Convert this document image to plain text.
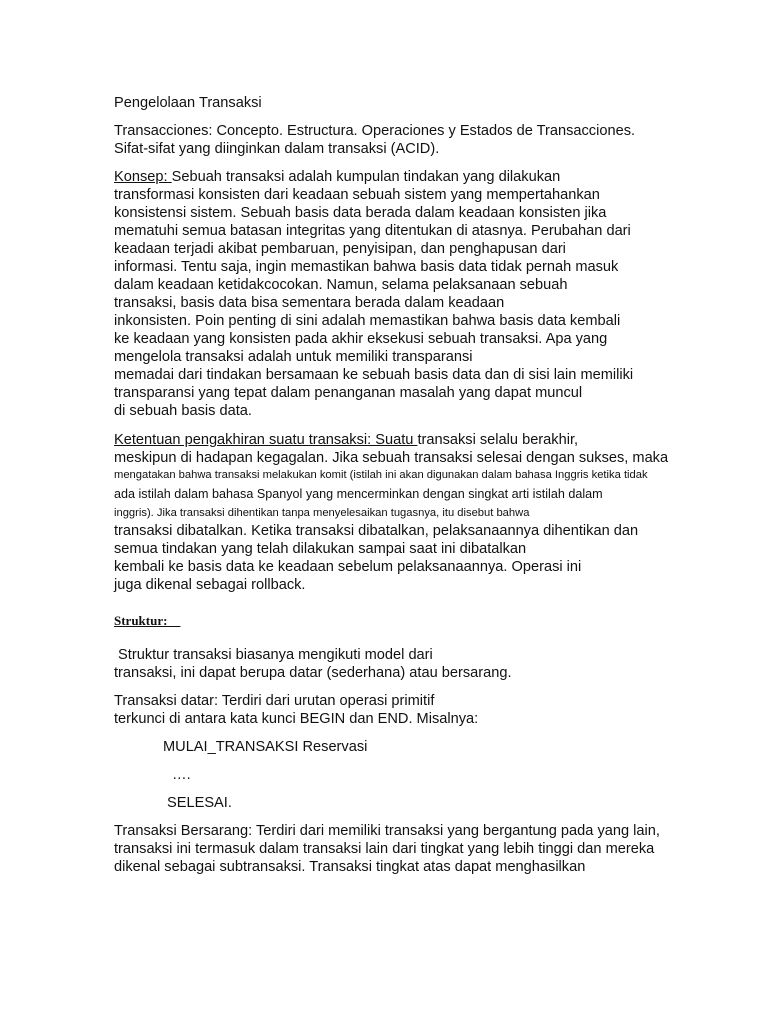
Pengelolaan Transaksi

Transacciones: Concepto. Estructura. Operaciones y Estados de Transacciones.

Sifat-sifat yang diinginkan dalam transaksi (ACID).

Konsep: Sebuah transaksi adalah kumpulan tindakan yang dilakukan

transformasi konsisten dari keadaan sebuah sistem yang mempertahankan

konsistensi sistem. Sebuah basis data berada dalam keadaan konsisten jika

mematuhi semua batasan integritas yang ditentukan di atasnya. Perubahan dari

keadaan terjadi akibat pembaruan, penyisipan, dan penghapusan dari

informasi. Tentu saja, ingin memastikan bahwa basis data tidak pernah masuk

dalam keadaan ketidakcocokan. Namun, selama pelaksanaan sebuah

transaksi, basis data bisa sementara berada dalam keadaan

inkonsisten. Poin penting di sini adalah memastikan bahwa basis data kembali

ke keadaan yang konsisten pada akhir eksekusi sebuah transaksi. Apa yang

mengelola transaksi adalah untuk memiliki transparansi

memadai dari tindakan bersamaan ke sebuah basis data dan di sisi lain memiliki

transparansi yang tepat dalam penanganan masalah yang dapat muncul

di sebuah basis data.

Ketentuan pengakhiran suatu transaksi: Suatu transaksi selalu berakhir,

meskipun di hadapan kegagalan. Jika sebuah transaksi selesai dengan sukses, maka

mengatakan bahwa transaksi melakukan komit (istilah ini akan digunakan dalam bahasa Inggris ketika tidak

ada istilah dalam bahasa Spanyol yang mencerminkan dengan singkat arti istilah dalam

inggris). Jika transaksi dihentikan tanpa menyelesaikan tugasnya, itu disebut bahwa

transaksi dibatalkan. Ketika transaksi dibatalkan, pelaksanaannya dihentikan dan

semua tindakan yang telah dilakukan sampai saat ini dibatalkan

kembali ke basis data ke keadaan sebelum pelaksanaannya. Operasi ini

juga dikenal sebagai rollback.

Struktur:

Struktur transaksi biasanya mengikuti model dari

transaksi, ini dapat berupa datar (sederhana) atau bersarang.

Transaksi datar: Terdiri dari urutan operasi primitif

terkunci di antara kata kunci BEGIN dan END. Misalnya:

MULAI_TRANSAKSI Reservasi

….

SELESAI.

Transaksi Bersarang: Terdiri dari memiliki transaksi yang bergantung pada yang lain,

transaksi ini termasuk dalam transaksi lain dari tingkat yang lebih tinggi dan mereka

dikenal sebagai subtransaksi. Transaksi tingkat atas dapat menghasilkan
